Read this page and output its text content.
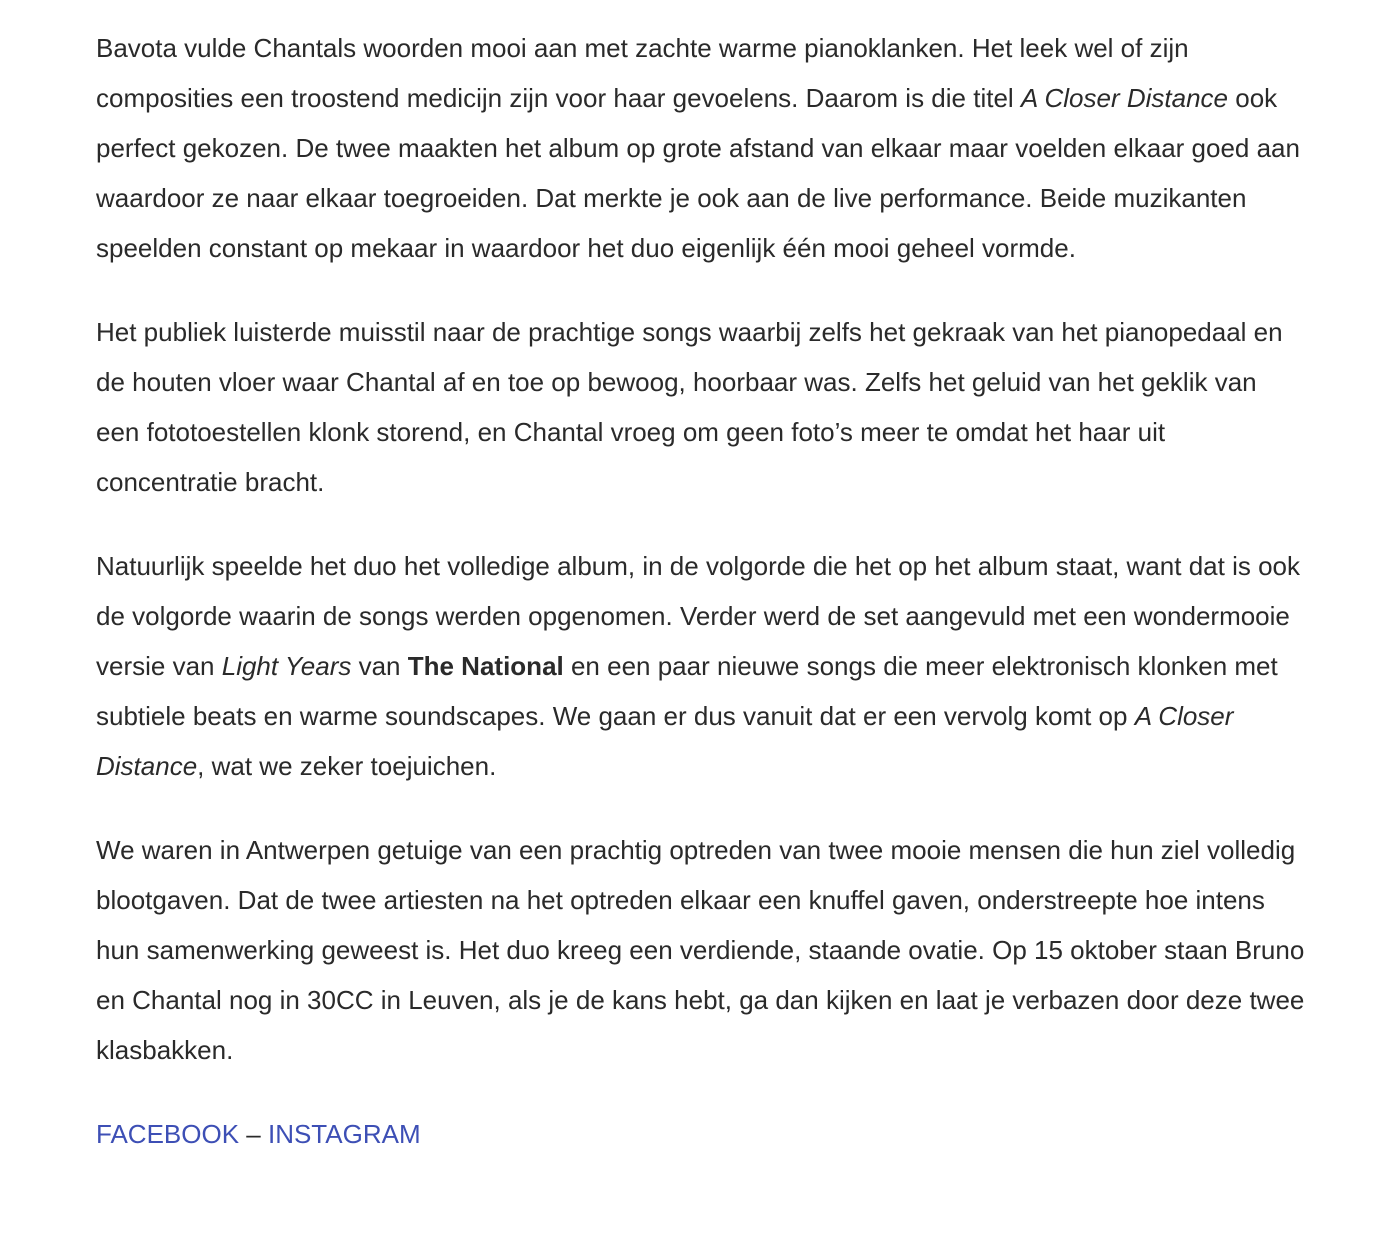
Bavota vulde Chantals woorden mooi aan met zachte warme pianoklanken. Het leek wel of zijn composities een troostend medicijn zijn voor haar gevoelens. Daarom is die titel A Closer Distance ook perfect gekozen. De twee maakten het album op grote afstand van elkaar maar voelden elkaar goed aan waardoor ze naar elkaar toegroeiden. Dat merkte je ook aan de live performance. Beide muzikanten speelden constant op mekaar in waardoor het duo eigenlijk één mooi geheel vormde.

Het publiek luisterde muisstil naar de prachtige songs waarbij zelfs het gekraak van het pianopedaal en de houten vloer waar Chantal af en toe op bewoog, hoorbaar was. Zelfs het geluid van het geklik van een fototoestellen klonk storend, en Chantal vroeg om geen foto’s meer te omdat het haar uit concentratie bracht.

Natuurlijk speelde het duo het volledige album, in de volgorde die het op het album staat, want dat is ook de volgorde waarin de songs werden opgenomen. Verder werd de set aangevuld met een wondermooie versie van Light Years van The National en een paar nieuwe songs die meer elektronisch klonken met subtiele beats en warme soundscapes. We gaan er dus vanuit dat er een vervolg komt op A Closer Distance, wat we zeker toejuichen.

We waren in Antwerpen getuige van een prachtig optreden van twee mooie mensen die hun ziel volledig blootgaven. Dat de twee artiesten na het optreden elkaar een knuffel gaven, onderstreepte hoe intens hun samenwerking geweest is. Het duo kreeg een verdiende, staande ovatie. Op 15 oktober staan Bruno en Chantal nog in 30CC in Leuven, als je de kans hebt, ga dan kijken en laat je verbazen door deze twee klasbakken.

FACEBOOK – INSTAGRAM
